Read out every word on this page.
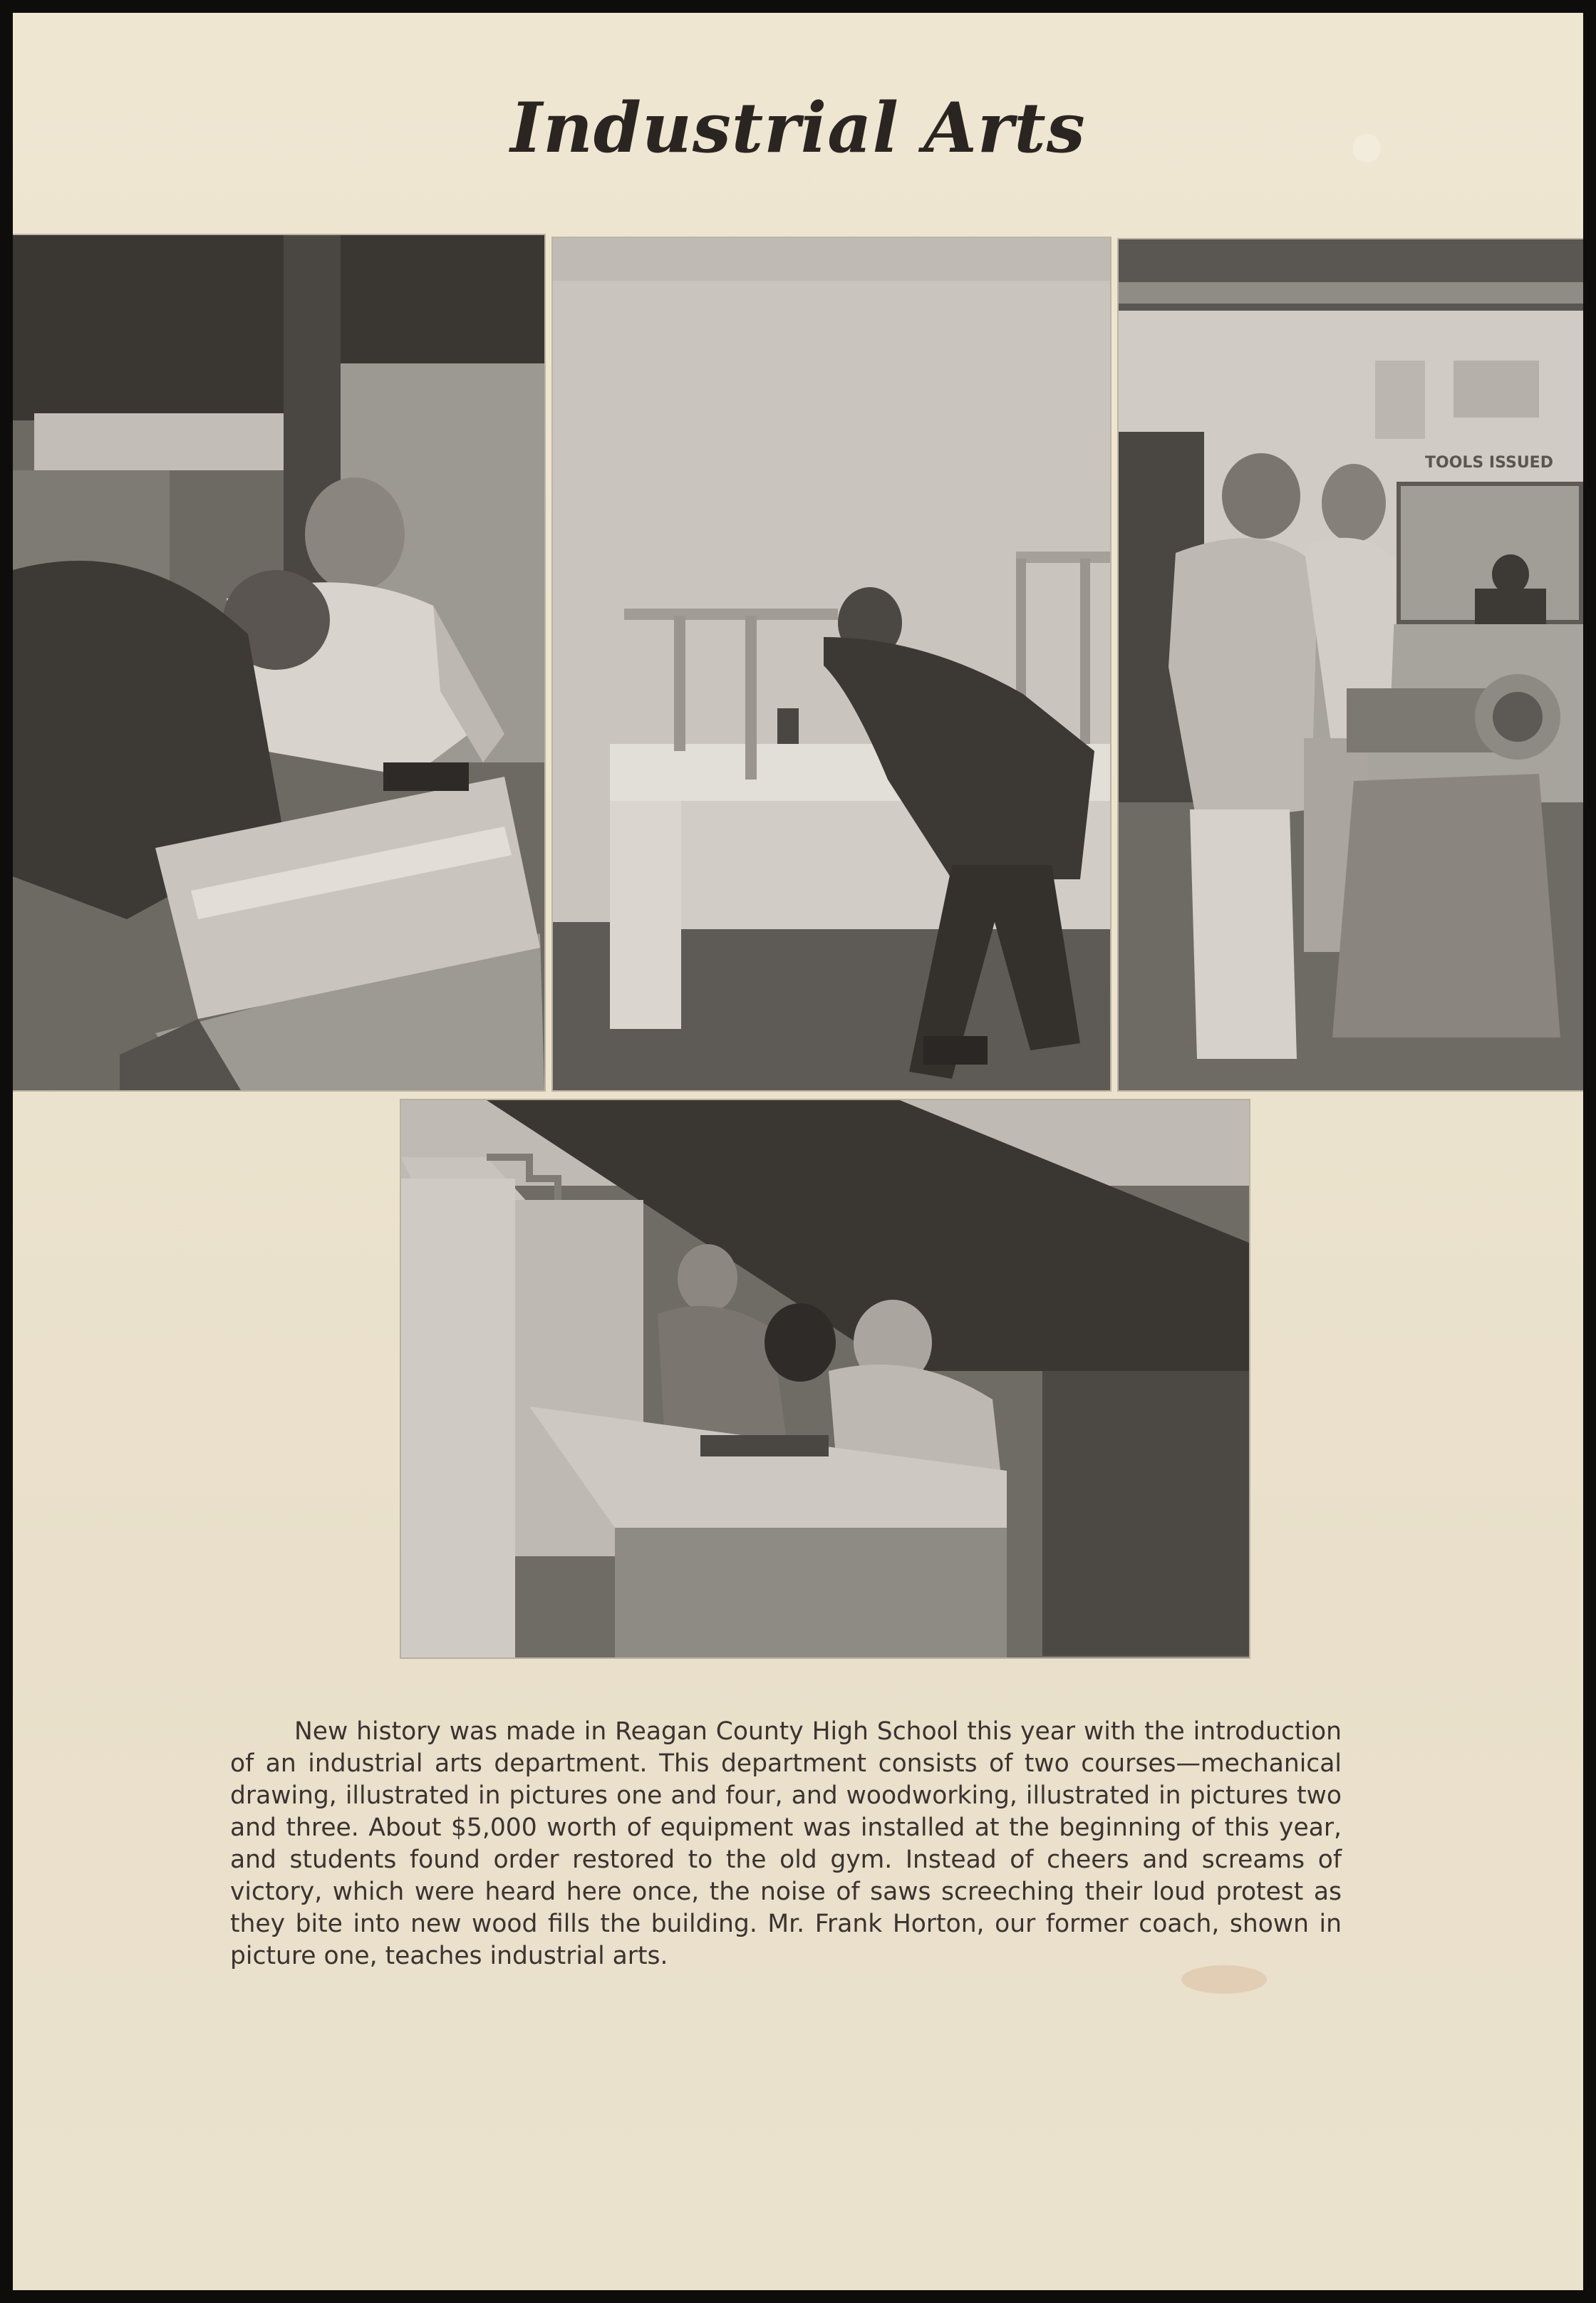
Industrial Arts
TOOLS ISSUED

New history was made in Reagan County High School this year with the introduction of an industrial arts department. This department consists of two courses—mechanical drawing, illustrated in pictures one and four, and woodworking, illustrated in pictures two and three. About $5,000 worth of equipment was installed at the beginning of this year, and students found order restored to the old gym. Instead of cheers and screams of victory, which were heard here once, the noise of saws screeching their loud protest as they bite into new wood fills the building. Mr. Frank Horton, our former coach, shown in picture one, teaches industrial arts.
